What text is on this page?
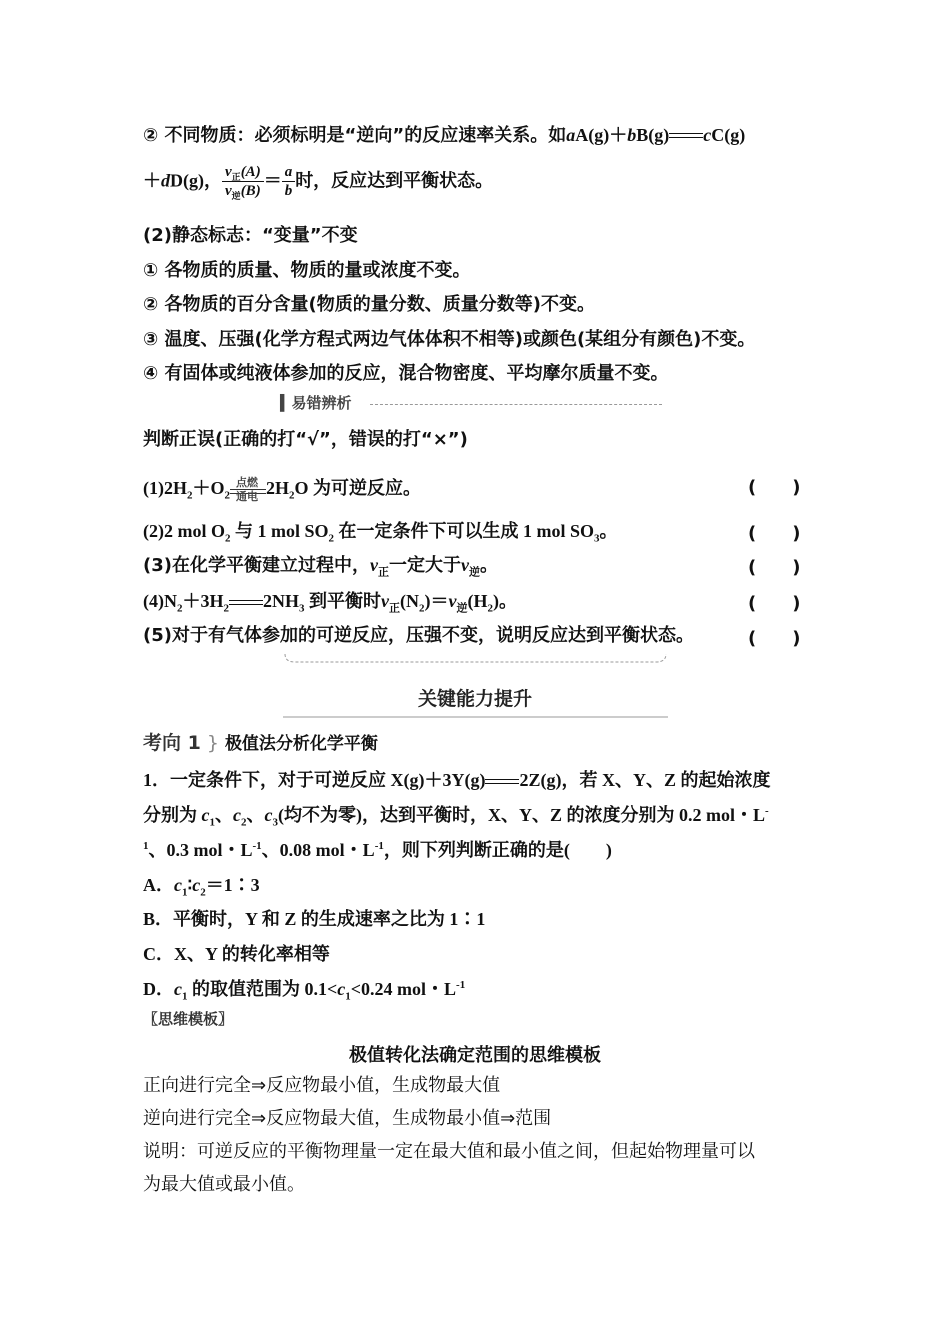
② 不同物质：必须标明是“逆向”的反应速率关系。如aA(g)＋bB(g) cC(g)
＋dD(g)， $\frac{v_正(A)}{v_逆(B)} = \frac{a}{b}$ 时，反应达到平衡状态。
(2)静态标志：“变量”不变
① 各物质的质量、物质的量或浓度不变。
② 各物质的百分含量(物质的量分数、质量分数等)不变。
③ 温度、压强(化学方程式两边气体体积不相等)或颜色(某组分有颜色)不变。
④ 有固体或纯液体参加的反应，混合物密度、平均摩尔质量不变。
▍易错辨析
判断正误(正确的打“√”，错误的打“×”)
$(1)2H_2+O_2$
点燃
通电 $2H_2O$ 为可逆反应。	(　　)
(2)2 mol $O_2$ 与 1 mol $SO_2$ 在一定条件下可以生成 1 mol $SO_3$。	(　　)
(3)在化学平衡建立过程中，$v_正$一定大于$v_逆$。	(　　)
$(4)N_2+3H_2$ $2NH_3$ 到平衡时$v_正(N_2)=v_逆(H_2)$。	(　　)
(5)对于有气体参加的可逆反应，压强不变，说明反应达到平衡状态。	(　　)
关键能力提升
考向 1 } 极值法分析化学平衡
1．一定条件下，对于可逆反应 X(g)＋3Y(g) 2Z(g)，若 X、Y、Z 的起始浓度
分别为 $c_1$、$c_2$、$c_3$(均不为零)，达到平衡时，X、Y、Z 的浓度分别为 0.2 mol・L-
$^1$、0.3 mol・$L^{-1}$、0.08 mol・$L^{-1}$，则下列判断正确的是(　　)
A．$c_1∶c_2=1∶3$
B．平衡时，Y 和 Z 的生成速率之比为 1∶1
C．X、Y 的转化率相等
D．$c_1$ 的取值范围为 $0.1<c_1<0.24$ mol・$L^{-1}$
〖思维模板〗
极值转化法确定范围的思维模板
正向进行完全⇒反应物最小值，生成物最大值
逆向进行完全⇒反应物最大值，生成物最小值⇒范围
说明：可逆反应的平衡物理量一定在最大值和最小值之间，但起始物理量可以
为最大值或最小值。
